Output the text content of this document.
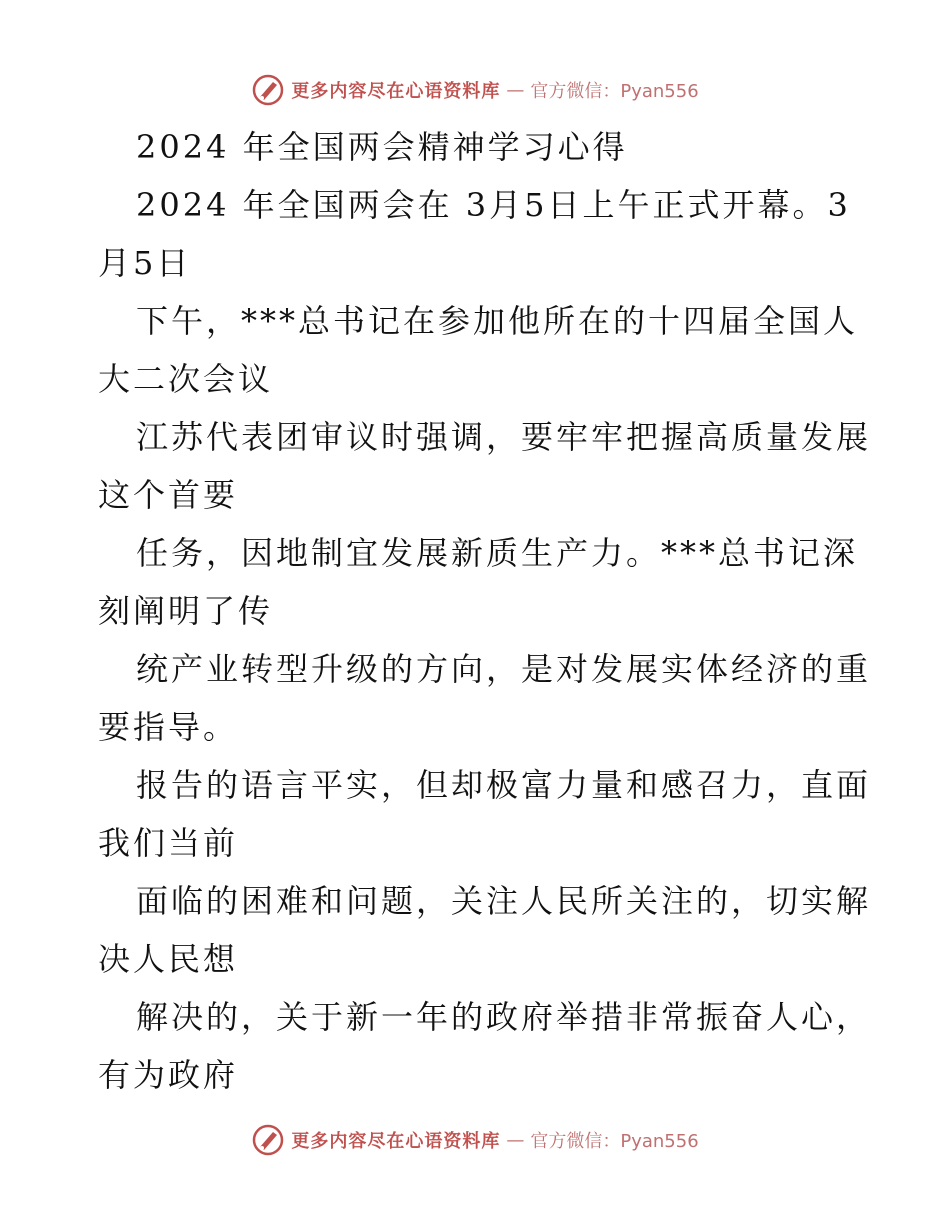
更多内容尽在心语资料库 — 官方微信：Pyan556

2024 年全国两会精神学习心得

2024 年全国两会在 3月5日上午正式开幕。3

月5日

下午，***总书记在参加他所在的十四届全国人

大二次会议

江苏代表团审议时强调，要牢牢把握高质量发展

这个首要

任务，因地制宜发展新质生产力。***总书记深

刻阐明了传

统产业转型升级的方向，是对发展实体经济的重

要指导。

报告的语言平实，但却极富力量和感召力，直面

我们当前

面临的困难和问题，关注人民所关注的，切实解

决人民想

解决的，关于新一年的政府举措非常振奋人心，

有为政府

更多内容尽在心语资料库 — 官方微信：Pyan556
